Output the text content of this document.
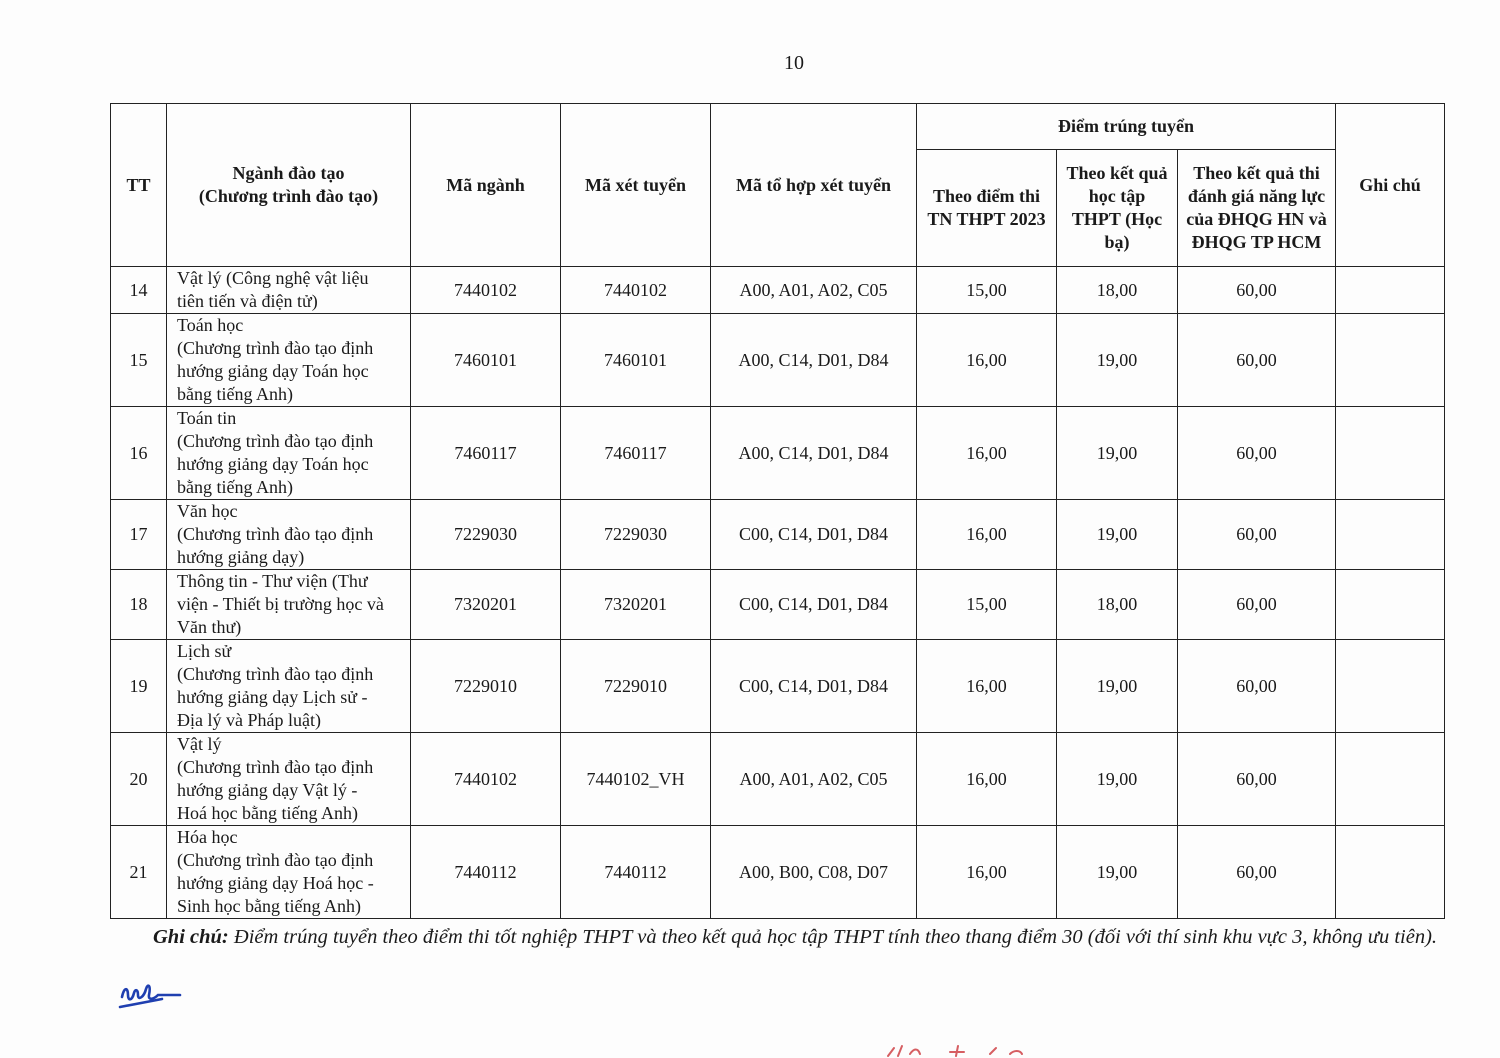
10
TT	Ngành đào tạo
(Chương trình đào tạo)	Mã ngành	Mã xét tuyển	Mã tổ hợp xét tuyển	Điểm trúng tuyển			Ghi chú
					Theo điểm thi TN THPT 2023	Theo kết quả học tập THPT (Học bạ)	Theo kết quả thi đánh giá năng lực của ĐHQG HN và ĐHQG TP HCM	
14	Vật lý (Công nghệ vật liệu
tiên tiến và điện tử)	7440102	7440102	A00, A01, A02, C05	15,00	18,00	60,00	
15	Toán học
(Chương trình đào tạo định
hướng giảng dạy Toán học
bằng tiếng Anh)	7460101	7460101	A00, C14, D01, D84	16,00	19,00	60,00	
16	Toán tin
(Chương trình đào tạo định
hướng giảng dạy Toán học
bằng tiếng Anh)	7460117	7460117	A00, C14, D01, D84	16,00	19,00	60,00	
17	Văn học
(Chương trình đào tạo định
hướng giảng dạy)	7229030	7229030	C00, C14, D01, D84	16,00	19,00	60,00	
18	Thông tin - Thư viện (Thư
viện - Thiết bị trường học và
Văn thư)	7320201	7320201	C00, C14, D01, D84	15,00	18,00	60,00	
19	Lịch sử
(Chương trình đào tạo định
hướng giảng dạy Lịch sử -
Địa lý và Pháp luật)	7229010	7229010	C00, C14, D01, D84	16,00	19,00	60,00	
20	Vật lý
(Chương trình đào tạo định
hướng giảng dạy Vật lý -
Hoá học bằng tiếng Anh)	7440102	7440102_VH	A00, A01, A02, C05	16,00	19,00	60,00	
21	Hóa học
(Chương trình đào tạo định
hướng giảng dạy Hoá học -
Sinh học bằng tiếng Anh)	7440112	7440112	A00, B00, C08, D07	16,00	19,00	60,00	
Ghi chú: Điểm trúng tuyển theo điểm thi tốt nghiệp THPT và theo kết quả học tập THPT tính theo thang điểm 30 (đối với thí sinh khu vực 3, không ưu tiên).
